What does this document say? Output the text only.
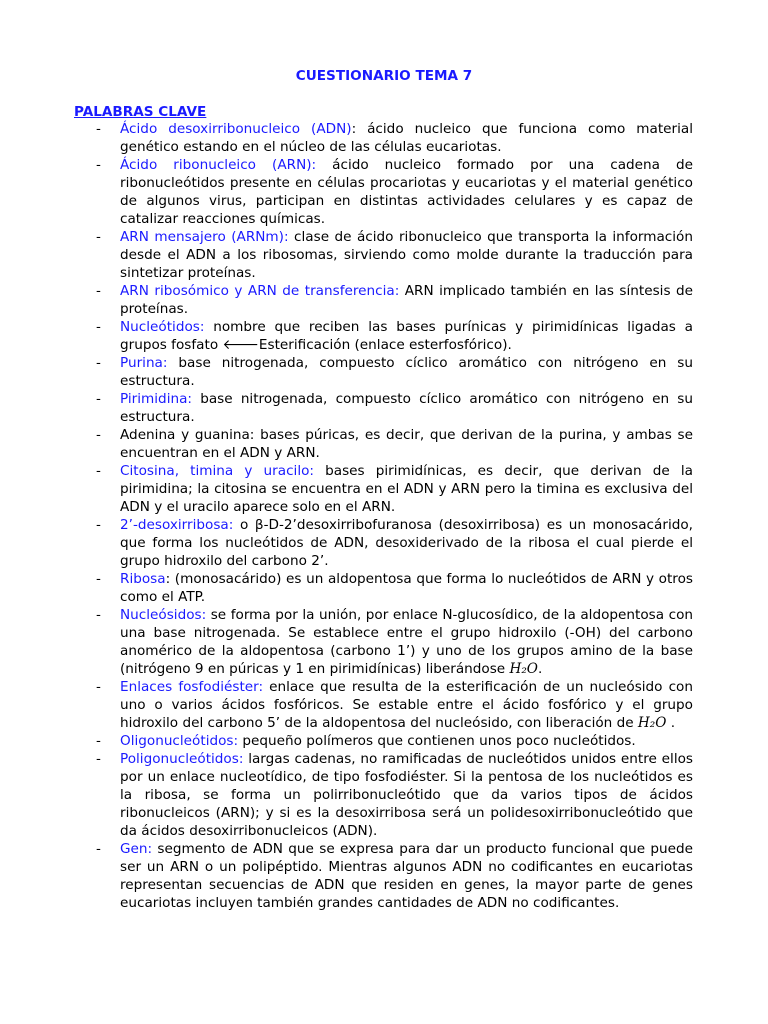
CUESTIONARIO TEMA 7
PALABRAS CLAVE
- Ácido desoxirribonucleico (ADN): ácido nucleico que funciona como material genético estando en el núcleo de las células eucariotas.
- Ácido ribonucleico (ARN): ácido nucleico formado por una cadena de ribonucleótidos presente en células procariotas y eucariotas y el material genético de algunos virus, participan en distintas actividades celulares y es capaz de catalizar reacciones químicas.
- ARN mensajero (ARNm): clase de ácido ribonucleico que transporta la información desde el ADN a los ribosomas, sirviendo como molde durante la traducción para sintetizar proteínas.
- ARN ribosómico y ARN de transferencia: ARN implicado también en las síntesis de proteínas.
- Nucleótidos: nombre que reciben las bases purínicas y pirimidínicas ligadas a grupos fosfato 🡐Esterificación (enlace esterfosfórico).
- Purina: base nitrogenada, compuesto cíclico aromático con nitrógeno en su estructura.
- Pirimidina: base nitrogenada, compuesto cíclico aromático con nitrógeno en su estructura.
- Adenina y guanina: bases púricas, es decir, que derivan de la purina, y ambas se encuentran en el ADN y ARN.
- Citosina, timina y uracilo: bases pirimidínicas, es decir, que derivan de la pirimidina; la citosina se encuentra en el ADN y ARN pero la timina es exclusiva del ADN y el uracilo aparece solo en el ARN.
- 2’-desoxirribosa: o β-D-2’desoxirribofuranosa (desoxirribosa) es un monosacárido, que forma los nucleótidos de ADN, desoxiderivado de la ribosa el cual pierde el grupo hidroxilo del carbono 2’.
- Ribosa: (monosacárido) es un aldopentosa que forma lo nucleótidos de ARN y otros como el ATP.
- Nucleósidos: se forma por la unión, por enlace N-glucosídico, de la aldopentosa con una base nitrogenada. Se establece entre el grupo hidroxilo (-OH) del carbono anomérico de la aldopentosa (carbono 1’) y uno de los grupos amino de la base (nitrógeno 9 en púricas y 1 en pirimidínicas) liberándose H₂O.
- Enlaces fosfodiéster: enlace que resulta de la esterificación de un nucleósido con uno o varios ácidos fosfóricos. Se estable entre el ácido fosfórico y el grupo hidroxilo del carbono 5’ de la aldopentosa del nucleósido, con liberación de H₂O .
- Oligonucleótidos: pequeño polímeros que contienen unos poco nucleótidos.
- Poligonucleótidos: largas cadenas, no ramificadas de nucleótidos unidos entre ellos por un enlace nucleotídico, de tipo fosfodiéster. Si la pentosa de los nucleótidos es la ribosa, se forma un polirribonucleótido que da varios tipos de ácidos ribonucleicos (ARN); y si es la desoxirribosa será un polidesoxirribonucleótido que da ácidos desoxirribonucleicos (ADN).
- Gen: segmento de ADN que se expresa para dar un producto funcional que puede ser un ARN o un polipéptido. Mientras algunos ADN no codificantes en eucariotas representan secuencias de ADN que residen en genes, la mayor parte de genes eucariotas incluyen también grandes cantidades de ADN no codificantes.
